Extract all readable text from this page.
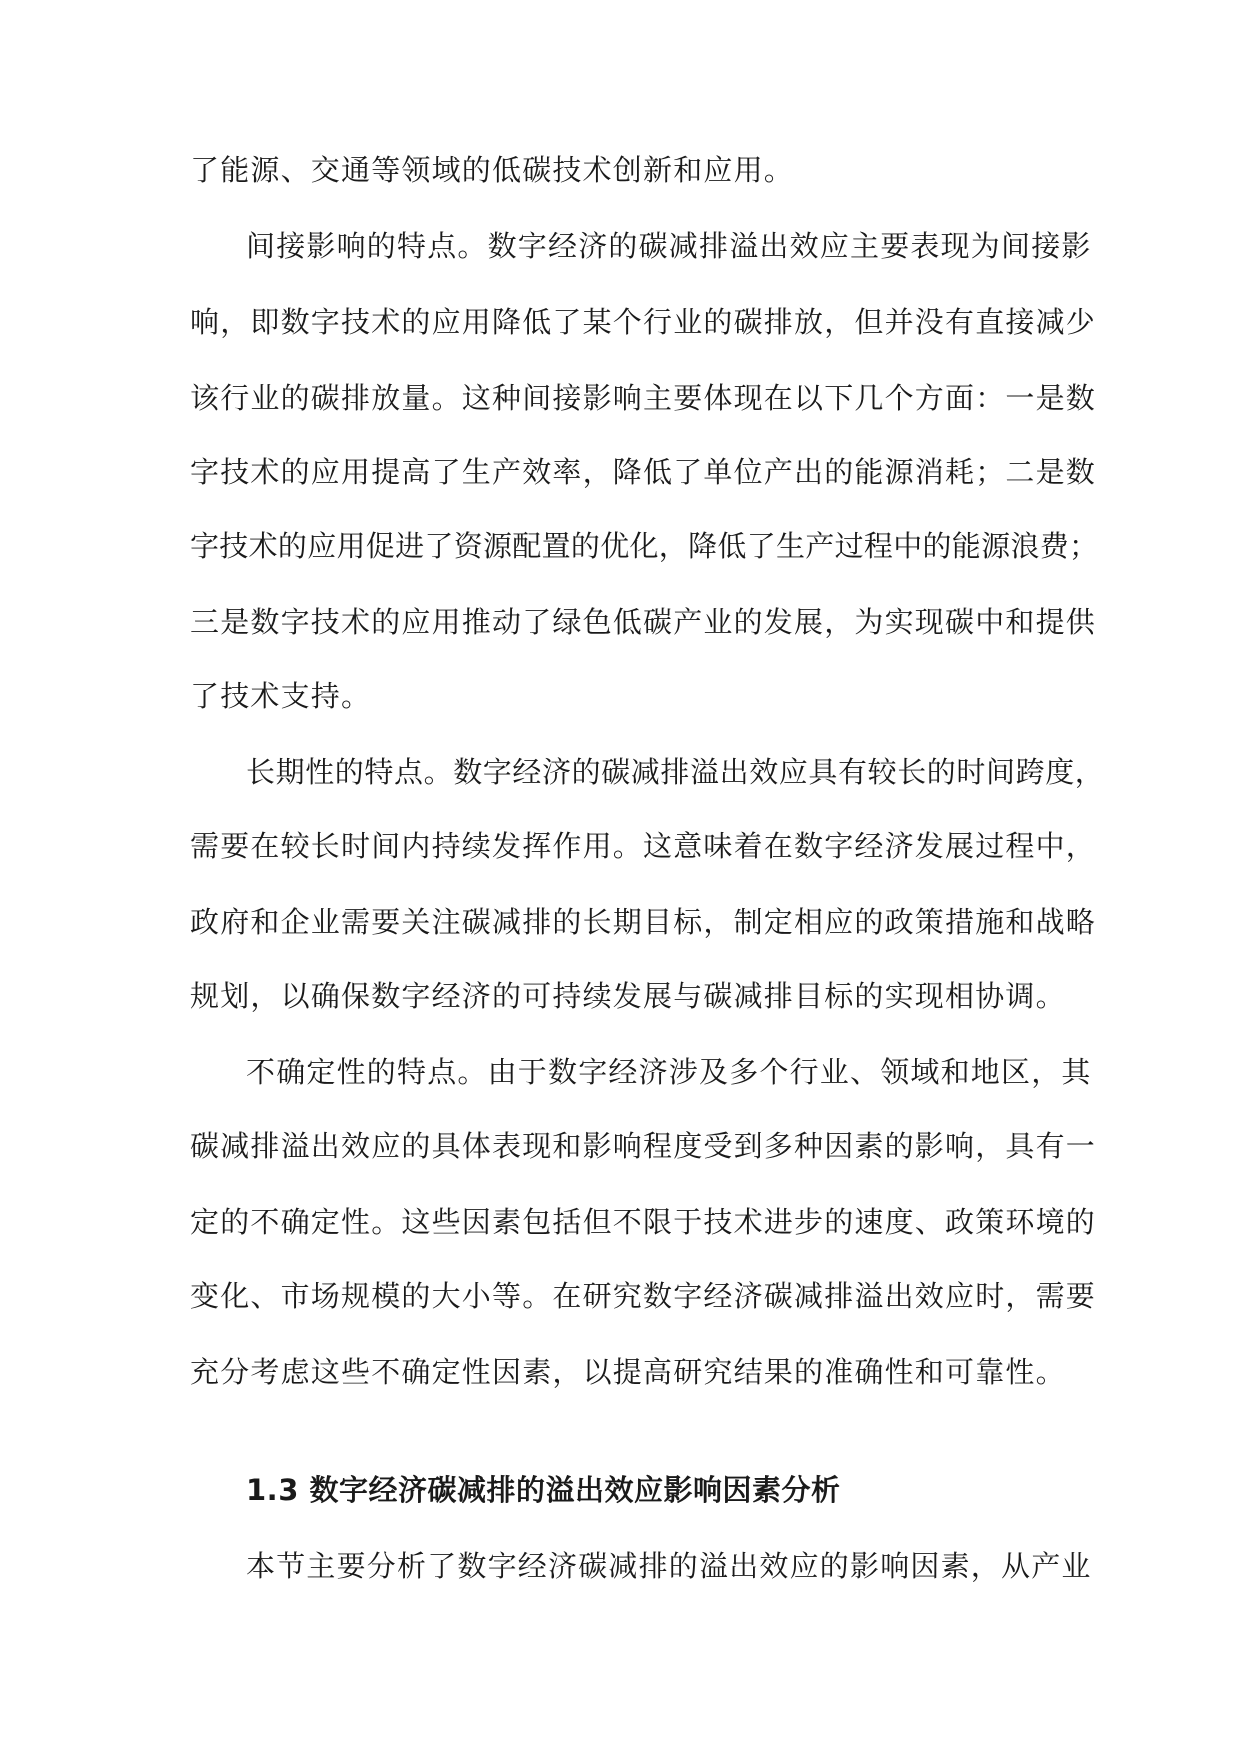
了能源、交通等领域的低碳技术创新和应用。
间接影响的特点。数字经济的碳减排溢出效应主要表现为间接影
响，即数字技术的应用降低了某个行业的碳排放，但并没有直接减少
该行业的碳排放量。这种间接影响主要体现在以下几个方面：一是数
字技术的应用提高了生产效率，降低了单位产出的能源消耗；二是数
字技术的应用促进了资源配置的优化，降低了生产过程中的能源浪费；
三是数字技术的应用推动了绿色低碳产业的发展，为实现碳中和提供
了技术支持。
长期性的特点。数字经济的碳减排溢出效应具有较长的时间跨度，
需要在较长时间内持续发挥作用。这意味着在数字经济发展过程中，
政府和企业需要关注碳减排的长期目标，制定相应的政策措施和战略
规划，以确保数字经济的可持续发展与碳减排目标的实现相协调。
不确定性的特点。由于数字经济涉及多个行业、领域和地区，其
碳减排溢出效应的具体表现和影响程度受到多种因素的影响，具有一
定的不确定性。这些因素包括但不限于技术进步的速度、政策环境的
变化、市场规模的大小等。在研究数字经济碳减排溢出效应时，需要
充分考虑这些不确定性因素，以提高研究结果的准确性和可靠性。
1.3 数字经济碳减排的溢出效应影响因素分析
本节主要分析了数字经济碳减排的溢出效应的影响因素，从产业
